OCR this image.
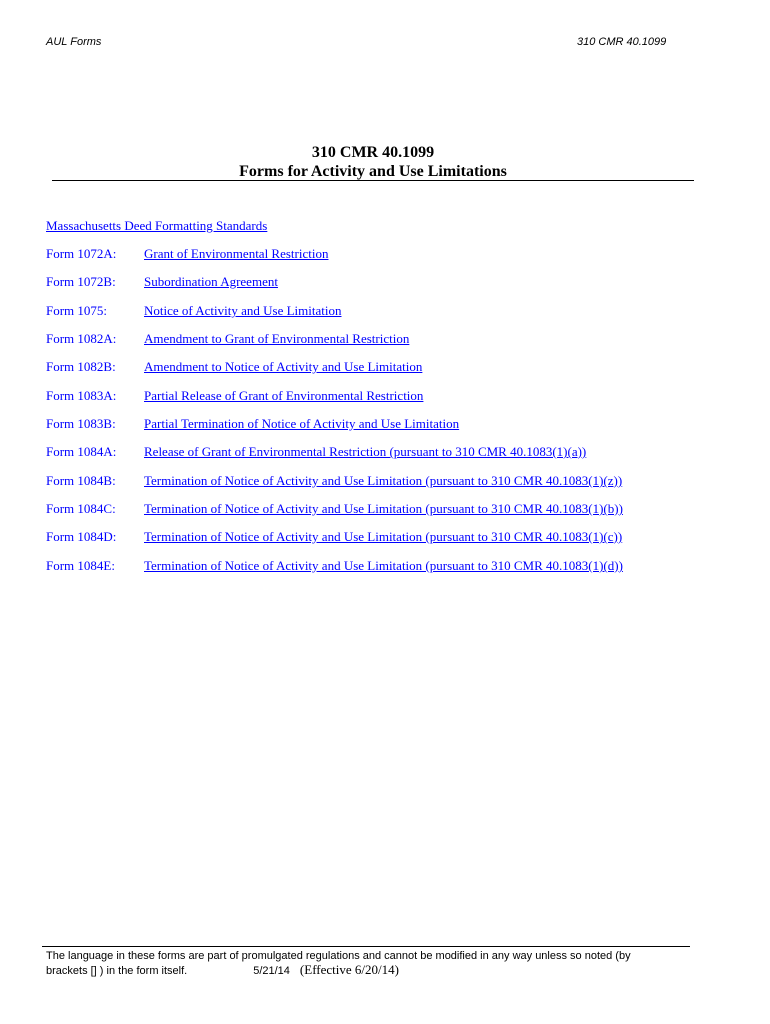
AUL Forms	310 CMR 40.1099
310 CMR 40.1099
Forms for Activity and Use Limitations
Massachusetts Deed Formatting Standards
Form 1072A: Grant of Environmental Restriction
Form 1072B: Subordination Agreement
Form 1075:	Notice of Activity and Use Limitation
Form 1082A: Amendment to Grant of Environmental Restriction
Form 1082B: Amendment to Notice of Activity and Use Limitation
Form 1083A: Partial Release of Grant of Environmental Restriction
Form 1083B: Partial Termination of Notice of Activity and Use Limitation
Form 1084A: Release of Grant of Environmental Restriction (pursuant to 310 CMR 40.1083(1)(a))
Form 1084B: Termination of Notice of Activity and Use Limitation (pursuant to 310 CMR 40.1083(1)(z))
Form 1084C: Termination of Notice of Activity and Use Limitation (pursuant to 310 CMR 40.1083(1)(b))
Form 1084D: Termination of Notice of Activity and Use Limitation (pursuant to 310 CMR 40.1083(1)(c))
Form 1084E: Termination of Notice of Activity and Use Limitation (pursuant to 310 CMR 40.1083(1)(d))
The language in these forms are part of promulgated regulations and cannot be modified in any way unless so noted (by
brackets [] ) in the form itself.	5/21/14 (Effective 6/20/14)
